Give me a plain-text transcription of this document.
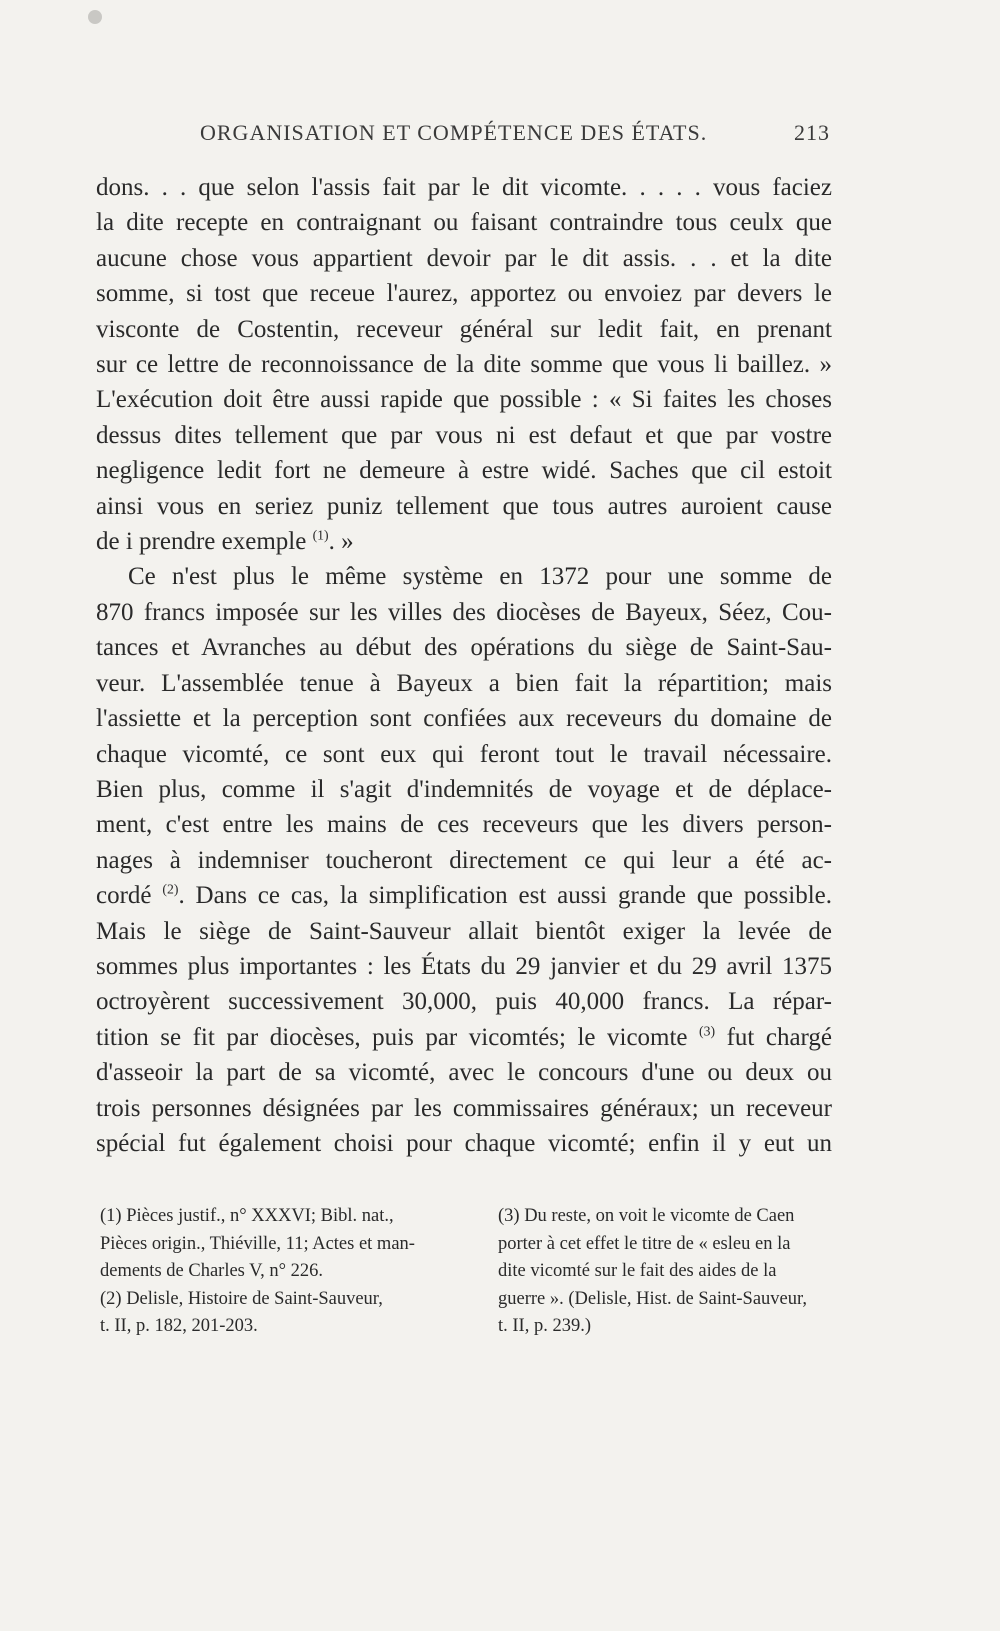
ORGANISATION ET COMPÉTENCE DES ÉTATS.	213
dons. . . que selon l'assis fait par le dit vicomte. . . . . vous faciez
la dite recepte en contraignant ou faisant contraindre tous ceulx que
aucune chose vous appartient devoir par le dit assis. . . et la dite
somme, si tost que receue l'aurez, apportez ou envoiez par devers le
visconte de Costentin, receveur général sur ledit fait, en prenant
sur ce lettre de reconnoissance de la dite somme que vous li baillez. »
L'exécution doit être aussi rapide que possible : « Si faites les choses
dessus dites tellement que par vous ni est defaut et que par vostre
negligence ledit fort ne demeure à estre widé. Saches que cil estoit
ainsi vous en seriez puniz tellement que tous autres auroient cause
de i prendre exemple $^{(1)}$. »
Ce n'est plus le même système en 1372 pour une somme de
870 francs imposée sur les villes des diocèses de Bayeux, Séez, Cou-
tances et Avranches au début des opérations du siège de Saint-Sau-
veur. L'assemblée tenue à Bayeux a bien fait la répartition; mais
l'assiette et la perception sont confiées aux receveurs du domaine de
chaque vicomté, ce sont eux qui feront tout le travail nécessaire.
Bien plus, comme il s'agit d'indemnités de voyage et de déplace-
ment, c'est entre les mains de ces receveurs que les divers person-
nages à indemniser toucheront directement ce qui leur a été ac-
cordé $^{(2)}$. Dans ce cas, la simplification est aussi grande que possible.
Mais le siège de Saint-Sauveur allait bientôt exiger la levée de
sommes plus importantes : les États du 29 janvier et du 29 avril 1375
octroyèrent successivement 30,000, puis 40,000 francs. La répar-
tition se fit par diocèses, puis par vicomtés; le vicomte $^{(3)}$ fut chargé
d'asseoir la part de sa vicomté, avec le concours d'une ou deux ou
trois personnes désignées par les commissaires généraux; un receveur
spécial fut également choisi pour chaque vicomté; enfin il y eut un
(1) Pièces justif., n° XXXVI; Bibl. nat.,
Pièces origin., Thiéville, 11; Actes et man-
dements de Charles V, n° 226.
(2) Delisle, Histoire de Saint-Sauveur,
t. II, p. 182, 201-203.
(3) Du reste, on voit le vicomte de Caen
porter à cet effet le titre de « esleu en la
dite vicomté sur le fait des aides de la
guerre ». (Delisle, Hist. de Saint-Sauveur,
t. II, p. 239.)
